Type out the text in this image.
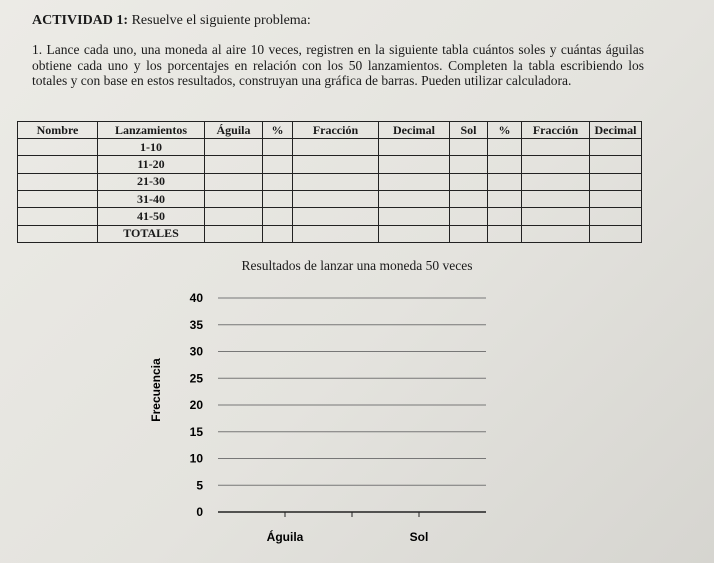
ACTIVIDAD 1: Resuelve el siguiente problema:
1. Lance cada uno, una moneda al aire 10 veces, registren en la siguiente tabla cuántos soles y cuántas águilas obtiene cada uno y los porcentajes en relación con los 50 lanzamientos. Completen la tabla escribiendo los totales y con base en estos resultados, construyan una gráfica de barras. Pueden utilizar calculadora.
Nombre	Lanzamientos	Águila	%	Fracción	Decimal	Sol	%	Fracción	Decimal
	1-10								
	11-20								
	21-30								
	31-40								
	41-50								
	TOTALES								
Resultados de lanzar una moneda 50 veces
0
5
10
15
20
25
30
35
40
Águila	Sol
Frecuencia
